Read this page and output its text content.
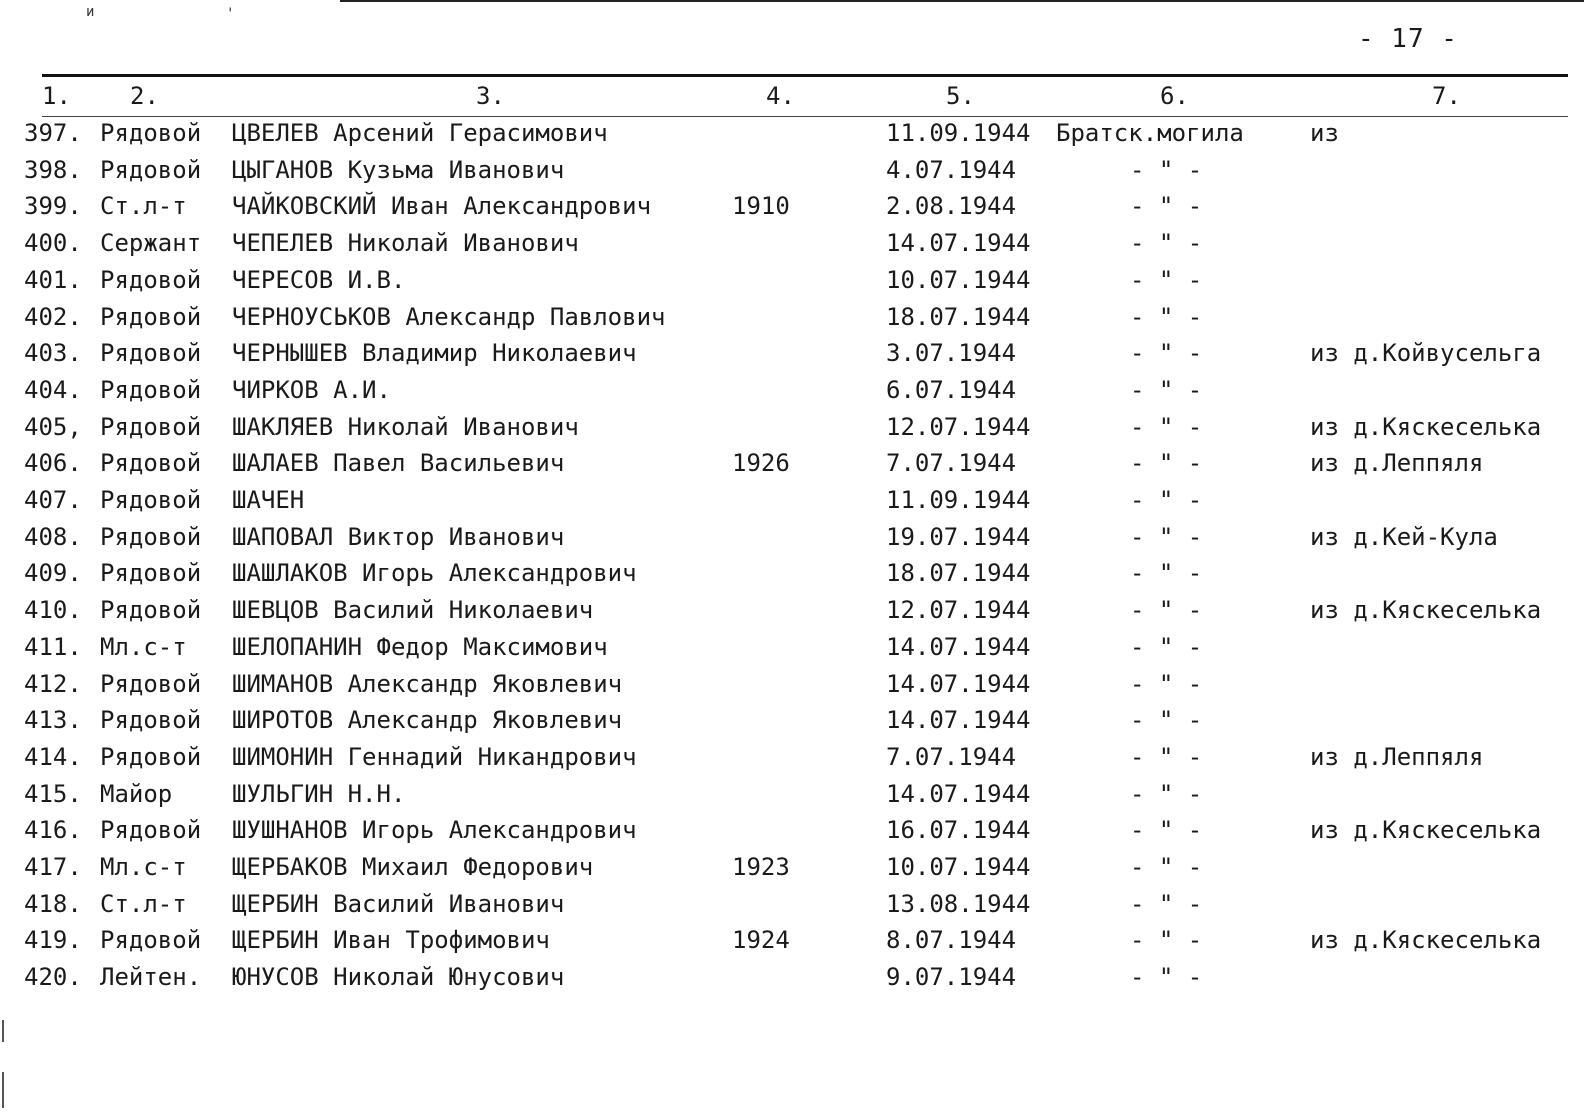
и	'
- 17 -
1. 2.	3.	4.	5.	6.	7.
397. Рядовой ЦВЕЛЕВ Арсений Герасимович	11.09.1944 Братск.могила	из
398. Рядовой ЦЫГАНОВ Кузьма Иванович	4.07.1944	- " -
399. Ст.л-т ЧАЙКОВСКИЙ Иван Александрович	1910	2.08.1944	- " -
400. Сержант ЧЕПЕЛЕВ Николай Иванович	14.07.1944	- " -
401. Рядовой ЧЕРЕСОВ И.В.	10.07.1944	- " -
402. Рядовой ЧЕРНОУСЬКОВ Александр Павлович	18.07.1944	- " -
403. Рядовой ЧЕРНЫШЕВ Владимир Николаевич	3.07.1944	- " -	из д.Койвусельга
404. Рядовой ЧИРКОВ А.И.	6.07.1944	- " -
405, Рядовой ШАКЛЯЕВ Николай Иванович	12.07.1944	- " -	из д.Кяскеселька
406. Рядовой ШАЛАЕВ Павел Васильевич	1926	7.07.1944	- " -	из д.Леппяля
407. Рядовой ШАЧЕН	11.09.1944	- " -
408. Рядовой ШАПОВАЛ Виктор Иванович	19.07.1944	- " -	из д.Кей-Кула
409. Рядовой ШАШЛАКОВ Игорь Александрович	18.07.1944	- " -
410. Рядовой ШЕВЦОВ Василий Николаевич	12.07.1944	- " -	из д.Кяскеселька
411. Мл.с-т ШЕЛОПАНИН Федор Максимович	14.07.1944	- " -
412. Рядовой ШИМАНОВ Александр Яковлевич	14.07.1944	- " -
413. Рядовой ШИРОТОВ Александр Яковлевич	14.07.1944	- " -
414. Рядовой ШИМОНИН Геннадий Никандрович	7.07.1944	- " -	из д.Леппяля
415. Майор ШУЛЬГИН Н.Н.	14.07.1944	- " -
416. Рядовой ШУШНАНОВ Игорь Александрович	16.07.1944	- " -	из д.Кяскеселька
417. Мл.с-т ЩЕРБАКОВ Михаил Федорович	1923	10.07.1944	- " -
418. Ст.л-т ЩЕРБИН Василий Иванович	13.08.1944	- " -
419. Рядовой ЩЕРБИН Иван Трофимович	1924	8.07.1944	- " -	из д.Кяскеселька
420. Лейтен. ЮНУСОВ Николай Юнусович	9.07.1944	- " -
